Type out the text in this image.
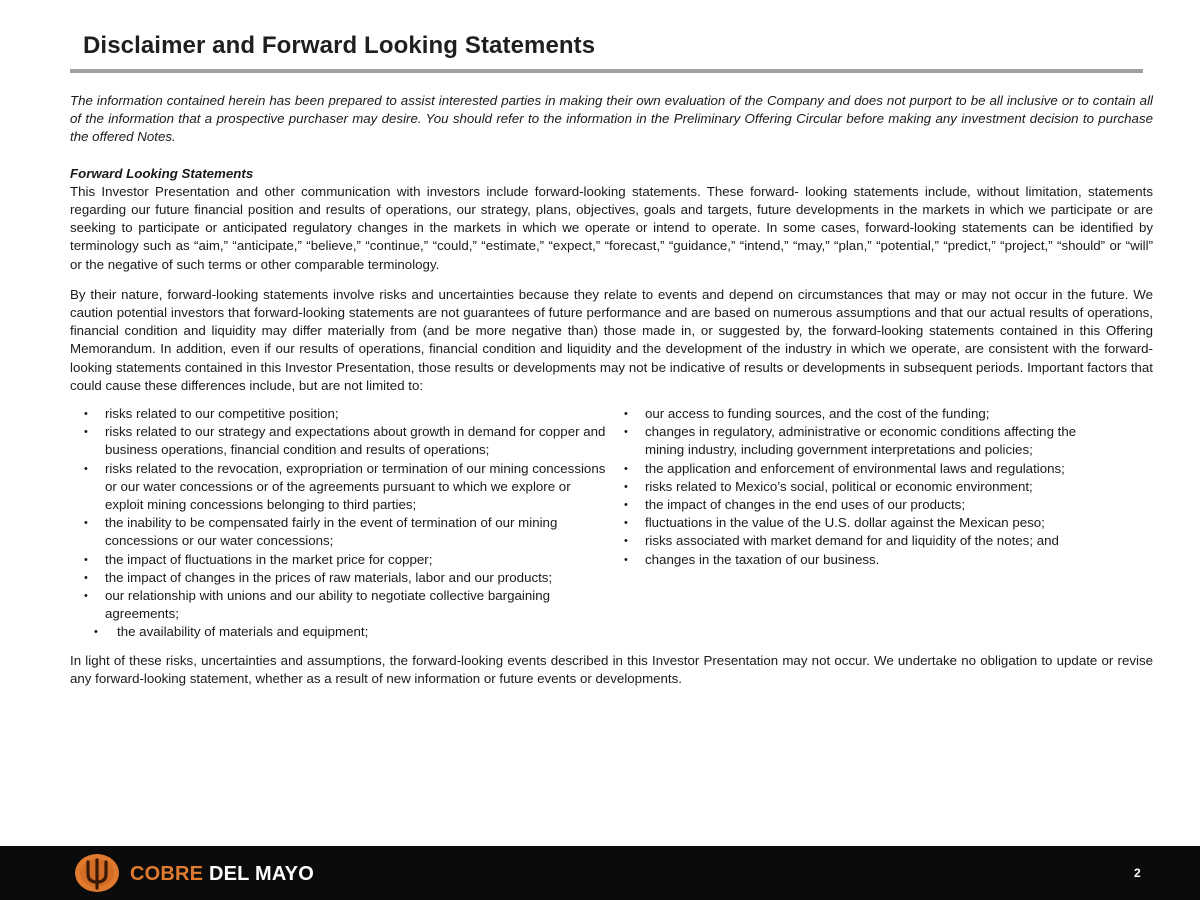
Disclaimer and Forward Looking Statements

The information contained herein has been prepared to assist interested parties in making their own evaluation of the Company and does not purport to be all inclusive or to contain all of the information that a prospective purchaser may desire. You should refer to the information in the Preliminary Offering Circular before making any investment decision to purchase the offered Notes.

Forward Looking Statements

This Investor Presentation and other communication with investors include forward-looking statements. These forward- looking statements include, without limitation, statements regarding our future financial position and results of operations, our strategy, plans, objectives, goals and targets, future developments in the markets in which we participate or are seeking to participate or anticipated regulatory changes in the markets in which we operate or intend to operate. In some cases, forward-looking statements can be identified by terminology such as “aim,” “anticipate,” “believe,” “continue,” “could,” “estimate,” “expect,” “forecast,” “guidance,” “intend,” “may,” “plan,” “potential,” “predict,” “project,” “should” or “will” or the negative of such terms or other comparable terminology.

By their nature, forward-looking statements involve risks and uncertainties because they relate to events and depend on circumstances that may or may not occur in the future. We caution potential investors that forward-looking statements are not guarantees of future performance and are based on numerous assumptions and that our actual results of operations, financial condition and liquidity may differ materially from (and be more negative than) those made in, or suggested by, the forward-looking statements contained in this Offering Memorandum. In addition, even if our results of operations, financial condition and liquidity and the development of the industry in which we operate, are consistent with the forward-looking statements contained in this Investor Presentation, those results or developments may not be indicative of results or developments in subsequent periods. Important factors that could cause these differences include, but are not limited to:

• risks related to our competitive position;
• risks related to our strategy and expectations about growth in demand for copper and business operations, financial condition and results of operations;
• risks related to the revocation, expropriation or termination of our mining concessions or our water concessions or of the agreements pursuant to which we explore or exploit mining concessions belonging to third parties;
• the inability to be compensated fairly in the event of termination of our mining concessions or our water concessions;
• the impact of fluctuations in the market price for copper;
• the impact of changes in the prices of raw materials, labor and our products;
• our relationship with unions and our ability to negotiate collective bargaining agreements;
• the availability of materials and equipment;
• our access to funding sources, and the cost of the funding;
• changes in regulatory, administrative or economic conditions affecting the mining industry, including government interpretations and policies;
• the application and enforcement of environmental laws and regulations;
• risks related to Mexico’s social, political or economic environment;
• the impact of changes in the end uses of our products;
• fluctuations in the value of the U.S. dollar against the Mexican peso;
• risks associated with market demand for and liquidity of the notes; and
• changes in the taxation of our business.

In light of these risks, uncertainties and assumptions, the forward-looking events described in this Investor Presentation may not occur. We undertake no obligation to update or revise any forward-looking statement, whether as a result of new information or future events or developments.

COBRE DEL MAYO	2
